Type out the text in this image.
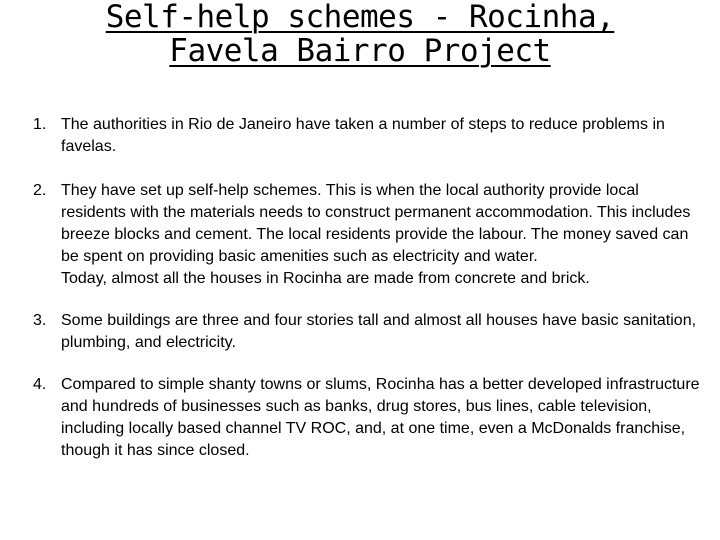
Self-help schemes - Rocinha,
Favela Bairro Project
1. The authorities in Rio de Janeiro have taken a number of steps to reduce problems in favelas.
2. They have set up self-help schemes. This is when the local authority provide local residents with the materials needs to construct permanent accommodation. This includes breeze blocks and cement. The local residents provide the labour. The money saved can be spent on providing basic amenities such as electricity and water.
Today, almost all the houses in Rocinha are made from concrete and brick.
3. Some buildings are three and four stories tall and almost all houses have basic sanitation, plumbing, and electricity.
4. Compared to simple shanty towns or slums, Rocinha has a better developed infrastructure and hundreds of businesses such as banks, drug stores, bus lines, cable television, including locally based channel TV ROC, and, at one time, even a McDonalds franchise, though it has since closed.
